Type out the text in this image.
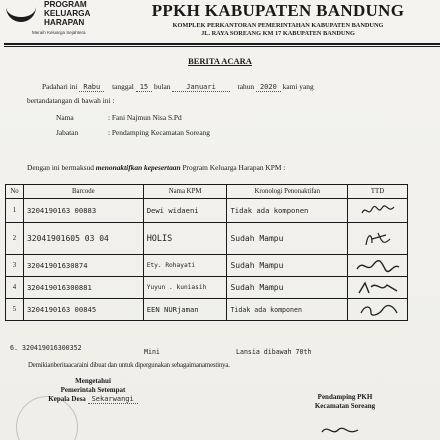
PROGRAM
KELUARGA
HARAPAN
Meraih Keluarga Sejahtera
PPKH KABUPATEN BANDUNG
KOMPLEK PERKANTORAN PEMERINTAHAN KABUPATEN BANDUNG
JL. RAYA SOREANG KM 17 KABUPATEN BANDUNG
BERITA ACARA
Padahari ini Rabu tanggal 15 bulan Januari	tahun 2020 kami yang
bertandatangan di bawah ini :
Nama	: Fani Najmun Nisa S.Pd
Jabatan	: Pendamping Kecamatan Soreang
Dengan ini bermaksud menonaktifkan kepesertaan Program Keluarga Harapan KPM :
No	Barcode	Nama KPM	Kronologi Penonaktifan	TTD
1	3204190163 00883	Dewi widaeni	Tidak ada komponen	

2	32041901605 03 04	HOLIS	Sudah Mampu	

3	32041901630874	Ety. Rohayati	Sudah Mampu	

4	320419016300881	Yuyun . kuniasih	Sudah Mampu	

5	3204190163 00845	EEN NURjaman	Tidak ada komponen	
6. 320419016300352	Mini	Lansia dibawah 70th
Demikianberitaacaraini dibuat dan untuk dipergunakan sebagaimanamestinya.
Mengetahui
Pemerintah Setempat
Kepala Desa Sekarwangi	Pendamping PKH
Kecamatan Soreang
